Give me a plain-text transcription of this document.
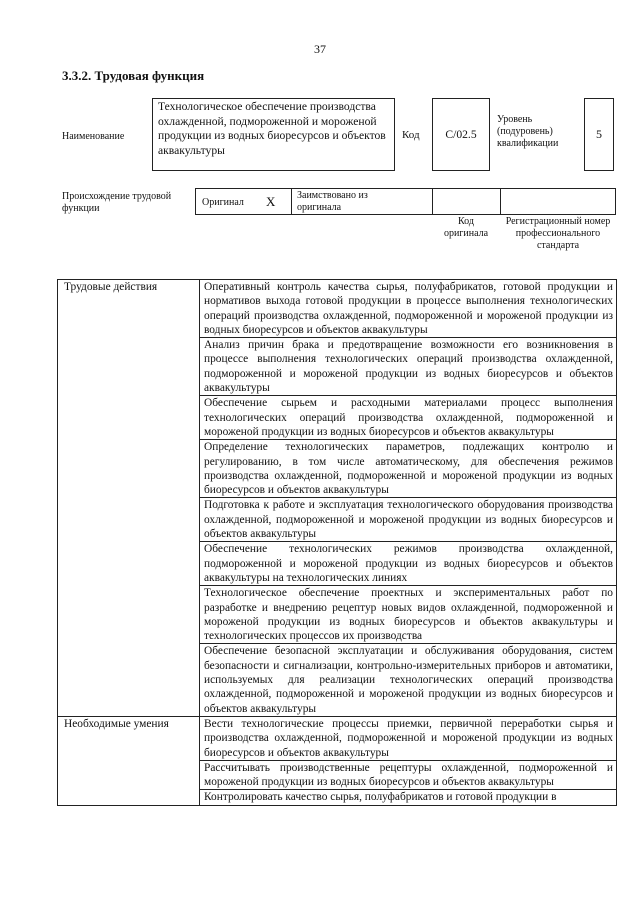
37
3.3.2. Трудовая функция
Наименование
Технологическое обеспечение производства охлажденной, подмороженной и мороженой продукции из водных биоресурсов и объектов аквакультуры
Код	C/02.5
Уровень (подуровень) квалификации
5
Происхождение трудовой функции
Оригинал X Заимствовано из оригинала
Код оригинала
Регистрационный номер профессионального стандарта
Трудовые действия	Оперативный контроль качества сырья, полуфабрикатов, готовой продукции и нормативов выхода готовой продукции в процессе выполнения технологических операций производства охлажденной, подмороженной и мороженой продукции из водных биоресурсов и объектов аквакультуры
	Анализ причин брака и предотвращение возможности его возникновения в процессе выполнения технологических операций производства охлажденной, подмороженной и мороженой продукции из водных биоресурсов и объектов аквакультуры
	Обеспечение сырьем и расходными материалами процесс выполнения технологических операций производства охлажденной, подмороженной и мороженой продукции из водных биоресурсов и объектов аквакультуры
	Определение технологических параметров, подлежащих контролю и регулированию, в том числе автоматическому, для обеспечения режимов производства охлажденной, подмороженной и мороженой продукции из водных биоресурсов и объектов аквакультуры
	Подготовка к работе и эксплуатация технологического оборудования производства охлажденной, подмороженной и мороженой продукции из водных биоресурсов и объектов аквакультуры
	Обеспечение технологических режимов производства охлажденной, подмороженной и мороженой продукции из водных биоресурсов и объектов аквакультуры на технологических линиях
	Технологическое обеспечение проектных и экспериментальных работ по разработке и внедрению рецептур новых видов охлажденной, подмороженной и мороженой продукции из водных биоресурсов и объектов аквакультуры и технологических процессов их производства
	Обеспечение безопасной эксплуатации и обслуживания оборудования, систем безопасности и сигнализации, контрольно-измерительных приборов и автоматики, используемых для реализации технологических операций производства охлажденной, подмороженной и мороженой продукции из водных биоресурсов и объектов аквакультуры
Необходимые умения	Вести технологические процессы приемки, первичной переработки сырья и производства охлажденной, подмороженной и мороженой продукции из водных биоресурсов и объектов аквакультуры
	Рассчитывать производственные рецептуры охлажденной, подмороженной и мороженой продукции из водных биоресурсов и объектов аквакультуры
	Контролировать качество сырья, полуфабрикатов и готовой продукции в
